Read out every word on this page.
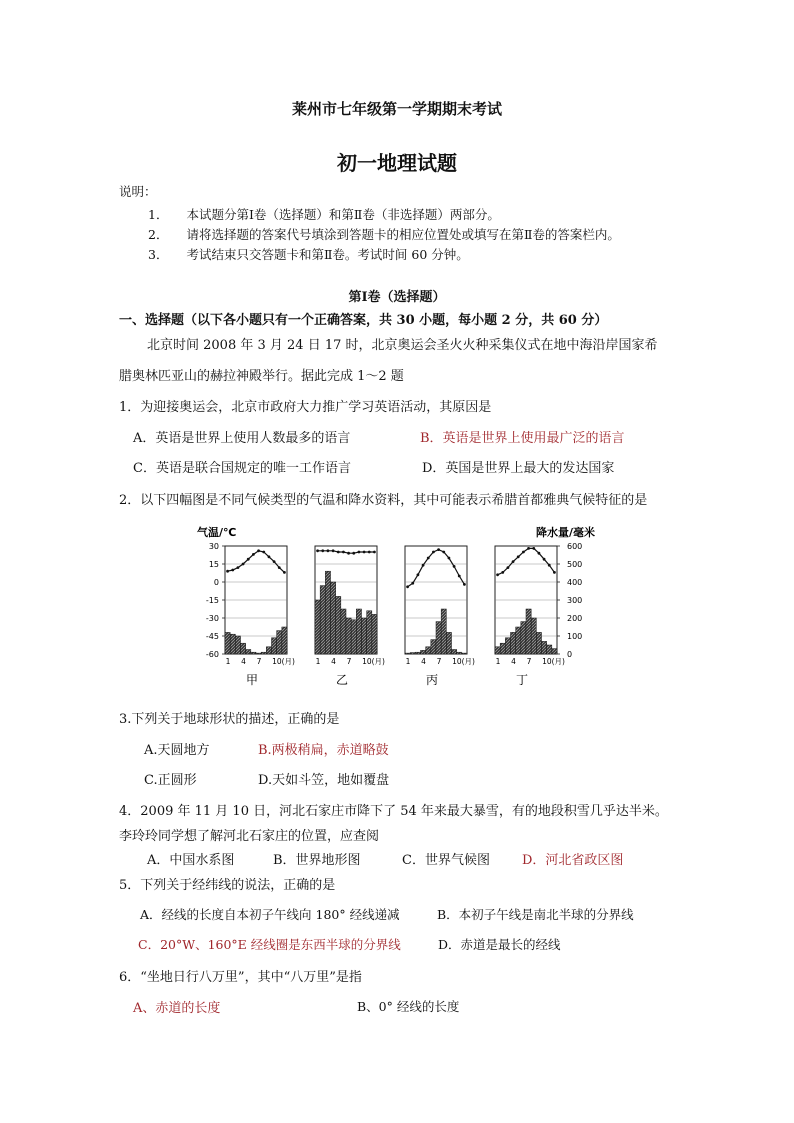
莱州市七年级第一学期期末考试
初一地理试题
说明：
1． 本试题分第Ⅰ卷（选择题）和第Ⅱ卷（非选择题）两部分。
2． 请将选择题的答案代号填涂到答题卡的相应位置处或填写在第Ⅱ卷的答案栏内。
3． 考试结束只交答题卡和第Ⅱ卷。考试时间 60 分钟。
第Ⅰ卷（选择题）
一、选择题（以下各小题只有一个正确答案，共 30 小题，每小题 2 分，共 60 分）
北京时间 2008 年 3 月 24 日 17 时，北京奥运会圣火火种采集仪式在地中海沿岸国家希
腊奥林匹亚山的赫拉神殿举行。据此完成 1～2 题
1．为迎接奥运会，北京市政府大力推广学习英语活动，其原因是
A．英语是世界上使用人数最多的语言	B．英语是世界上使用最广泛的语言
C．英语是联合国规定的唯一工作语言	D．英国是世界上最大的发达国家
2．以下四幅图是不同气候类型的气温和降水资料，其中可能表示希腊首都雅典气候特征的是
气温/℃	降水量/毫米
30
15
0
-15
-30
-45
-60
600
500
400
300
200
100
0
1 4 7 10(月)
甲
1 4 7 10(月)
乙
1 4 7 10(月)
丙
1 4 7 10(月)
丁
3.下列关于地球形状的描述，正确的是
A.天圆地方	B.两极稍扁，赤道略鼓
C.正圆形	D.天如斗笠，地如覆盘
4．2009 年 11 月 10 日，河北石家庄市降下了 54 年来最大暴雪，有的地段积雪几乎达半米。
李玲玲同学想了解河北石家庄的位置，应查阅
A．中国水系图	B．世界地形图	C．世界气候图 D．河北省政区图
5．下列关于经纬线的说法，正确的是
A．经线的长度自本初子午线向 180° 经线递减	B．本初子午线是南北半球的分界线
C．20°W、160°E 经线圈是东西半球的分界线	D．赤道是最长的经线
6．“坐地日行八万里”，其中“八万里”是指
A、赤道的长度	B、0° 经线的长度
